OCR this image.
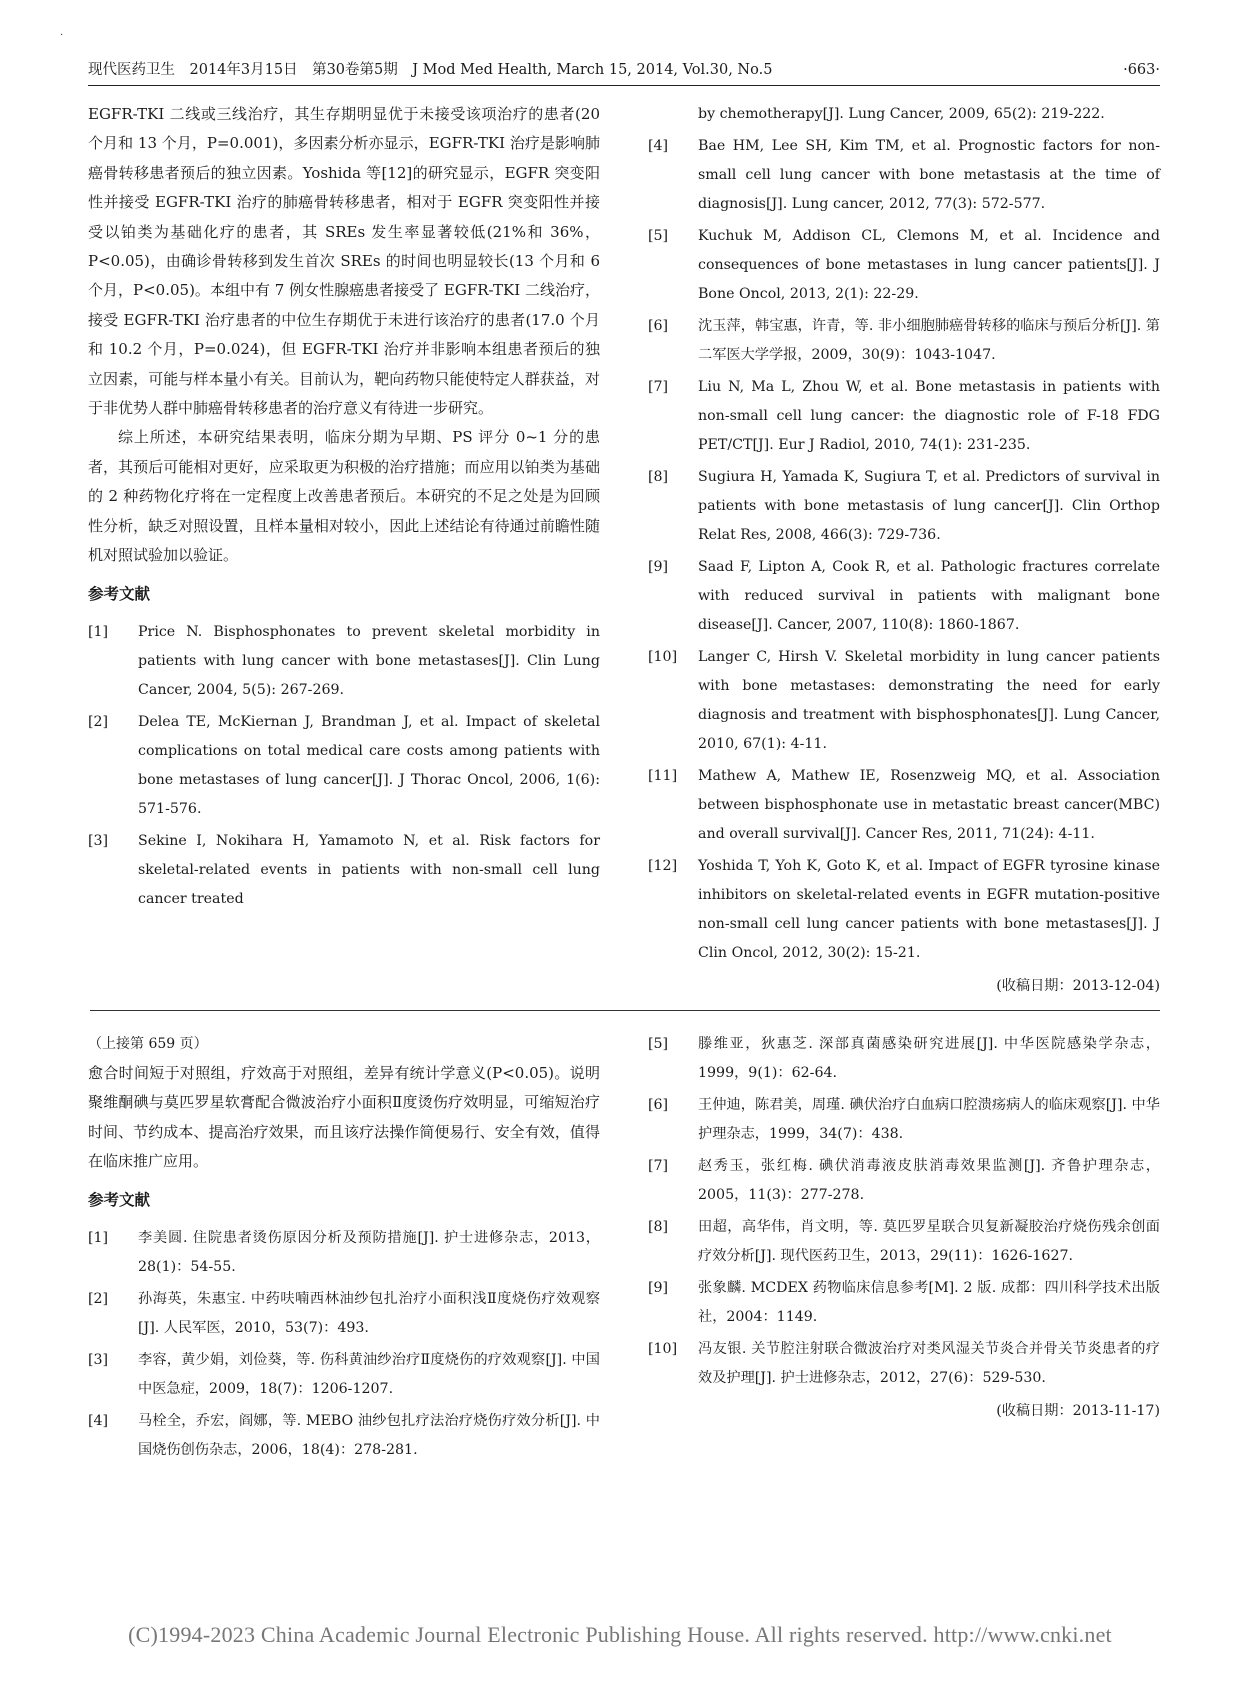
·
现代医药卫生　2014年3月15日　第30卷第5期　J Mod Med Health, March 15, 2014, Vol.30, No.5	·663·

EGFR-TKI 二线或三线治疗，其生存期明显优于未接受该项治疗的患者(20 个月和 13 个月，P=0.001)，多因素分析亦显示，EGFR-TKI 治疗是影响肺癌骨转移患者预后的独立因素。Yoshida 等[12]的研究显示，EGFR 突变阳性并接受 EGFR-TKI 治疗的肺癌骨转移患者，相对于 EGFR 突变阳性并接受以铂类为基础化疗的患者，其 SREs 发生率显著较低(21%和 36%，P<0.05)，由确诊骨转移到发生首次 SREs 的时间也明显较长(13 个月和 6 个月，P<0.05)。本组中有 7 例女性腺癌患者接受了 EGFR-TKI 二线治疗，接受 EGFR-TKI 治疗患者的中位生存期优于未进行该治疗的患者(17.0 个月和 10.2 个月，P=0.024)，但 EGFR-TKI 治疗并非影响本组患者预后的独立因素，可能与样本量小有关。目前认为，靶向药物只能使特定人群获益，对于非优势人群中肺癌骨转移患者的治疗意义有待进一步研究。

综上所述，本研究结果表明，临床分期为早期、PS 评分 0~1 分的患者，其预后可能相对更好，应采取更为积极的治疗措施；而应用以铂类为基础的 2 种药物化疗将在一定程度上改善患者预后。本研究的不足之处是为回顾性分析，缺乏对照设置，且样本量相对较小，因此上述结论有待通过前瞻性随机对照试验加以验证。

参考文献
[1] Price N. Bisphosphonates to prevent skeletal morbidity in patients with lung cancer with bone metastases[J]. Clin Lung Cancer, 2004, 5(5): 267-269.
[2] Delea TE, McKiernan J, Brandman J, et al. Impact of skeletal complications on total medical care costs among patients with bone metastases of lung cancer[J]. J Thorac Oncol, 2006, 1(6): 571-576.
[3] Sekine I, Nokihara H, Yamamoto N, et al. Risk factors for skeletal-related events in patients with non-small cell lung cancer treated
by chemotherapy[J]. Lung Cancer, 2009, 65(2): 219-222.
[4] Bae HM, Lee SH, Kim TM, et al. Prognostic factors for non-small cell lung cancer with bone metastasis at the time of diagnosis[J]. Lung cancer, 2012, 77(3): 572-577.
[5] Kuchuk M, Addison CL, Clemons M, et al. Incidence and consequences of bone metastases in lung cancer patients[J]. J Bone Oncol, 2013, 2(1): 22-29.
[6] 沈玉萍，韩宝惠，许青，等. 非小细胞肺癌骨转移的临床与预后分析[J]. 第二军医大学学报，2009，30(9)：1043-1047.
[7] Liu N, Ma L, Zhou W, et al. Bone metastasis in patients with non-small cell lung cancer: the diagnostic role of F-18 FDG PET/CT[J]. Eur J Radiol, 2010, 74(1): 231-235.
[8] Sugiura H, Yamada K, Sugiura T, et al. Predictors of survival in patients with bone metastasis of lung cancer[J]. Clin Orthop Relat Res, 2008, 466(3): 729-736.
[9] Saad F, Lipton A, Cook R, et al. Pathologic fractures correlate with reduced survival in patients with malignant bone disease[J]. Cancer, 2007, 110(8): 1860-1867.
[10] Langer C, Hirsh V. Skeletal morbidity in lung cancer patients with bone metastases: demonstrating the need for early diagnosis and treatment with bisphosphonates[J]. Lung Cancer, 2010, 67(1): 4-11.
[11] Mathew A, Mathew IE, Rosenzweig MQ, et al. Association between bisphosphonate use in metastatic breast cancer(MBC) and overall survival[J]. Cancer Res, 2011, 71(24): 4-11.
[12] Yoshida T, Yoh K, Goto K, et al. Impact of EGFR tyrosine kinase inhibitors on skeletal-related events in EGFR mutation-positive non-small cell lung cancer patients with bone metastases[J]. J Clin Oncol, 2012, 30(2): 15-21.
(收稿日期：2013-12-04)
（上接第 659 页）

愈合时间短于对照组，疗效高于对照组，差异有统计学意义(P<0.05)。说明聚维酮碘与莫匹罗星软膏配合微波治疗小面积Ⅱ度烫伤疗效明显，可缩短治疗时间、节约成本、提高治疗效果，而且该疗法操作简便易行、安全有效，值得在临床推广应用。

参考文献
[1] 李美圆. 住院患者烫伤原因分析及预防措施[J]. 护士进修杂志，2013，28(1)：54-55.
[2] 孙海英，朱惠宝. 中药呋喃西林油纱包扎治疗小面积浅Ⅱ度烧伤疗效观察[J]. 人民军医，2010，53(7)：493.
[3] 李容，黄少娟，刘俭葵，等. 伤科黄油纱治疗Ⅱ度烧伤的疗效观察[J]. 中国中医急症，2009，18(7)：1206-1207.
[4] 马栓全，乔宏，阎娜，等. MEBO 油纱包扎疗法治疗烧伤疗效分析[J]. 中国烧伤创伤杂志，2006，18(4)：278-281.
[5] 滕维亚，狄惠芝. 深部真菌感染研究进展[J]. 中华医院感染学杂志，1999，9(1)：62-64.
[6] 王仲迪，陈君美，周瑾. 碘伏治疗白血病口腔溃疡病人的临床观察[J]. 中华护理杂志，1999，34(7)：438.
[7] 赵秀玉，张红梅. 碘伏消毒液皮肤消毒效果监测[J]. 齐鲁护理杂志，2005，11(3)：277-278.
[8] 田超，高华伟，肖文明，等. 莫匹罗星联合贝复新凝胶治疗烧伤残余创面疗效分析[J]. 现代医药卫生，2013，29(11)：1626-1627.
[9] 张象麟. MCDEX 药物临床信息参考[M]. 2 版. 成都：四川科学技术出版社，2004：1149.
[10] 冯友银. 关节腔注射联合微波治疗对类风湿关节炎合并骨关节炎患者的疗效及护理[J]. 护士进修杂志，2012，27(6)：529-530.
(收稿日期：2013-11-17)
(C)1994-2023 China Academic Journal Electronic Publishing House. All rights reserved. http://www.cnki.net
